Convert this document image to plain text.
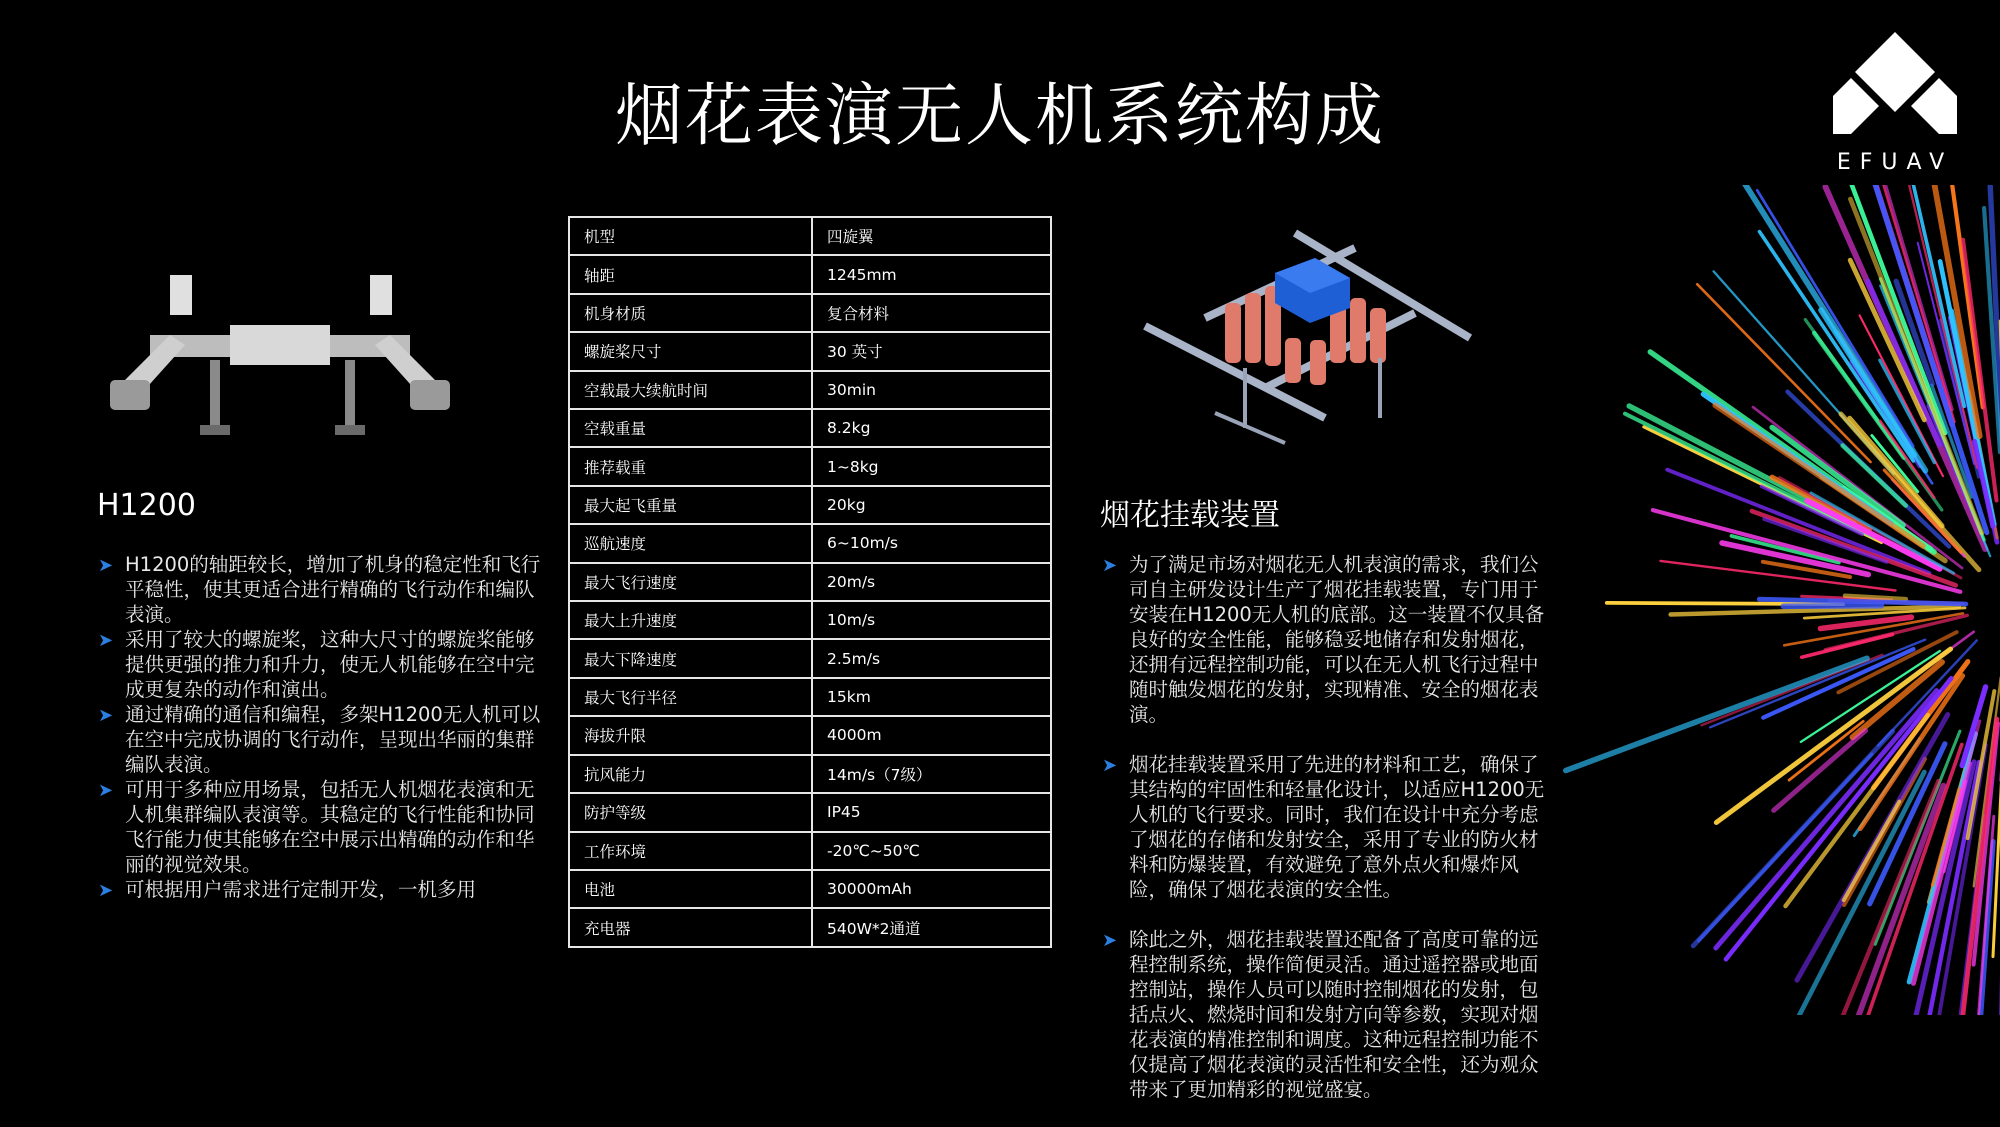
烟花表演无人机系统构成
EFUAV
H1200
➤ H1200的轴距较长，增加了机身的稳定性和飞行平稳性，使其更适合进行精确的飞行动作和编队表演。
➤ 采用了较大的螺旋桨，这种大尺寸的螺旋桨能够提供更强的推力和升力，使无人机能够在空中完成更复杂的动作和演出。
➤ 通过精确的通信和编程，多架H1200无人机可以在空中完成协调的飞行动作，呈现出华丽的集群编队表演。
➤ 可用于多种应用场景，包括无人机烟花表演和无人机集群编队表演等。其稳定的飞行性能和协同飞行能力使其能够在空中展示出精确的动作和华丽的视觉效果。
➤ 可根据用户需求进行定制开发，一机多用
机型	四旋翼
轴距	1245mm
机身材质	复合材料
螺旋桨尺寸	30 英寸
空载最大续航时间	30min
空载重量	8.2kg
推荐载重	1~8kg
最大起飞重量	20kg
巡航速度	6~10m/s
最大飞行速度	20m/s
最大上升速度	10m/s
最大下降速度	2.5m/s
最大飞行半径	15km
海拔升限	4000m
抗风能力	14m/s（7级）
防护等级	IP45
工作环境	-20℃~50℃
电池	30000mAh
充电器	540W*2通道
烟花挂载装置
➤ 为了满足市场对烟花无人机表演的需求，我们公司自主研发设计生产了烟花挂载装置，专门用于安装在H1200无人机的底部。这一装置不仅具备良好的安全性能，能够稳妥地储存和发射烟花，还拥有远程控制功能，可以在无人机飞行过程中随时触发烟花的发射，实现精准、安全的烟花表演。
➤ 烟花挂载装置采用了先进的材料和工艺，确保了其结构的牢固性和轻量化设计，以适应H1200无人机的飞行要求。同时，我们在设计中充分考虑了烟花的存储和发射安全，采用了专业的防火材料和防爆装置，有效避免了意外点火和爆炸风险，确保了烟花表演的安全性。
➤ 除此之外，烟花挂载装置还配备了高度可靠的远程控制系统，操作简便灵活。通过遥控器或地面控制站，操作人员可以随时控制烟花的发射，包括点火、燃烧时间和发射方向等参数，实现对烟花表演的精准控制和调度。这种远程控制功能不仅提高了烟花表演的灵活性和安全性，还为观众带来了更加精彩的视觉盛宴。
